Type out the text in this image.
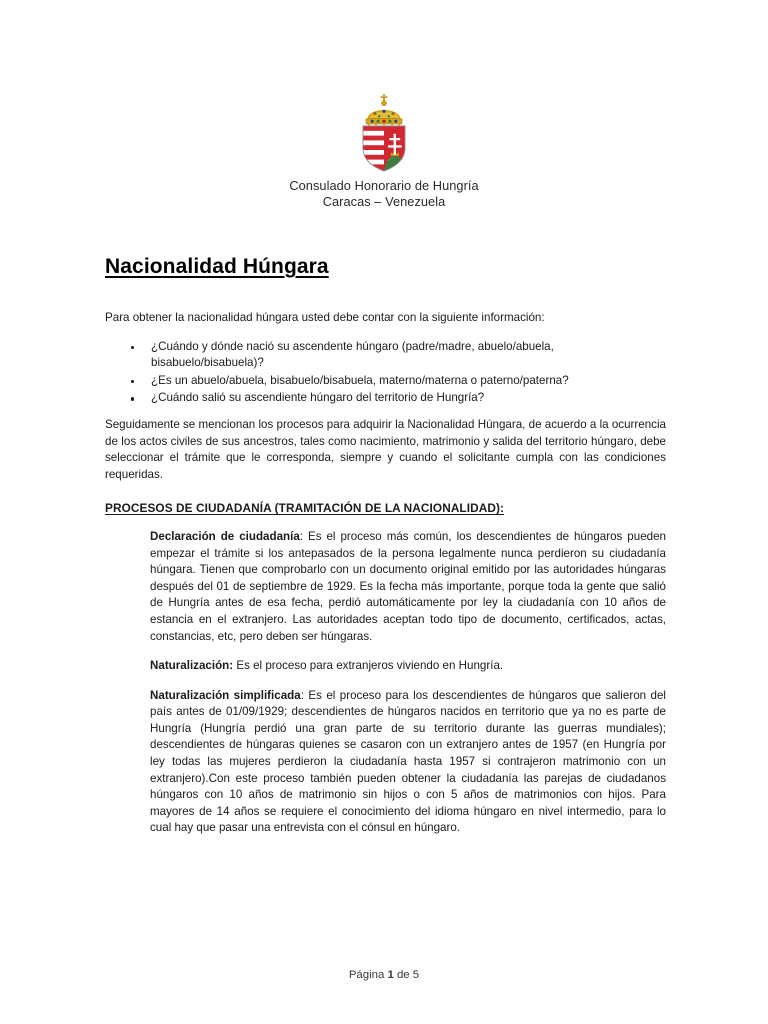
Consulado Honorario de Hungría
Caracas – Venezuela
Nacionalidad Húngara

Para obtener la nacionalidad húngara usted debe contar con la siguiente información:

¿Cuándo y dónde nació su ascendente húngaro (padre/madre, abuelo/abuela, bisabuelo/bisabuela)?
¿Es un abuelo/abuela, bisabuelo/bisabuela, materno/materna o paterno/paterna?
¿Cuándo salió su ascendiente húngaro del territorio de Hungría?

Seguidamente se mencionan los procesos para adquirir la Nacionalidad Húngara, de acuerdo a la ocurrencia de los actos civiles de sus ancestros, tales como nacimiento, matrimonio y salida del territorio húngaro, debe seleccionar el trámite que le corresponda, siempre y cuando el solicitante cumpla con las condiciones requeridas.

PROCESOS DE CIUDADANÍA (TRAMITACIÓN DE LA NACIONALIDAD):

Declaración de ciudadanía: Es el proceso más común, los descendientes de húngaros pueden empezar el trámite si los antepasados de la persona legalmente nunca perdieron su ciudadanía húngara. Tienen que comprobarlo con un documento original emitido por las autoridades húngaras después del 01 de septiembre de 1929. Es la fecha más importante, porque toda la gente que salió de Hungría antes de esa fecha, perdió automáticamente por ley la ciudadanía con 10 años de estancia en el extranjero. Las autoridades aceptan todo tipo de documento, certificados, actas, constancias, etc, pero deben ser húngaras.

Naturalización: Es el proceso para extranjeros viviendo en Hungría.

Naturalización simplificada: Es el proceso para los descendientes de húngaros que salieron del país antes de 01/09/1929; descendientes de húngaros nacidos en territorio que ya no es parte de Hungría (Hungría perdió una gran parte de su territorio durante las guerras mundiales); descendientes de húngaras quienes se casaron con un extranjero antes de 1957 (en Hungría por ley todas las mujeres perdieron la ciudadanía hasta 1957 si contrajeron matrimonio con un extranjero).Con este proceso también pueden obtener la ciudadanía las parejas de ciudadanos húngaros con 10 años de matrimonio sin hijos o con 5 años de matrimonios con hijos. Para mayores de 14 años se requiere el conocimiento del idioma húngaro en nivel intermedio, para lo cual hay que pasar una entrevista con el cónsul en húngaro.

Página 1 de 5
